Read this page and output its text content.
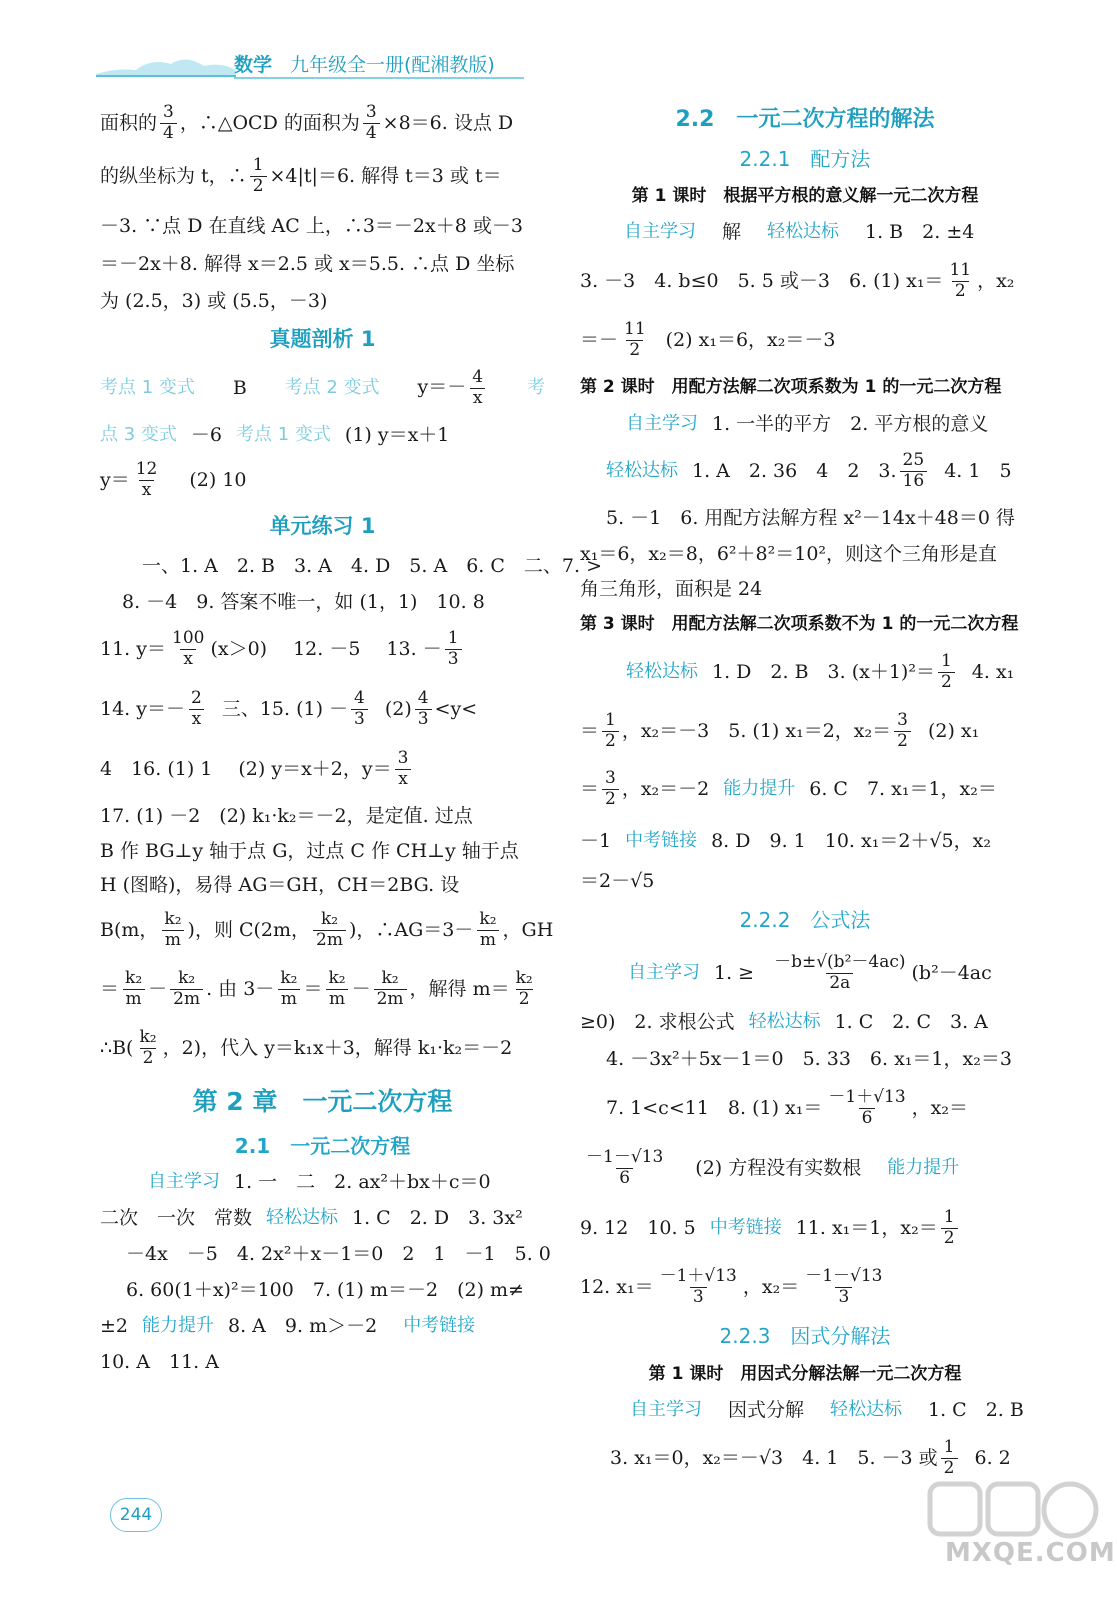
数学 九年级全一册(配湘教版)
面积的 $\frac{3}{4}$ ，∴△OCD 的面积为 $\frac{3}{4} \times 8=6$. 设点 D
的纵坐标为 t，∴ $\frac{1}{2} \times 4|t|=6$. 解得 t＝3 或 t＝
－3. ∵点 D 在直线 AC 上，∴3＝－2x＋8 或－3
＝－2x＋8. 解得 x＝2.5 或 x＝5.5. ∴点 D 坐标
为 (2.5，3) 或 (5.5，－3)
真题剖析 1
考点 1 变式 B 考点 2 变式 $y=- \frac{4}{x}$ 考
点 3 变式 －6 考点 1 变式 (1) y＝x＋1
$y= \frac{12}{x} (2)$ 10
单元练习 1
一、1. A　2. B　3. A　4. D　5. A　6. C　二、7. >
8. －4　9. 答案不唯一，如 (1，1)　10. 8
11. $y= \frac{100}{x} (x>0)$ 12. －5 13. － $\frac{1}{3}$
14. $y=- \frac{2}{x}$ 三、15. $(1) - \frac{4}{3} (2) \frac{4}{3} <y<$
4　16. (1) 1 (2) y＝x＋2，$y= \frac{3}{x}$
17. (1) －2　(2) k₁·k₂＝－2，是定值. 过点
B 作 BG⊥y 轴于点 G，过点 C 作 CH⊥y 轴于点
H (图略)，易得 AG＝GH，CH＝2BG. 设
B(m， $\frac{\text{k₂}}{m}$ )，则 C(2m， $\frac{\text{k₂}}{2m}$ )，∴AG＝3－ $\frac{\text{k₂}}{m}$ ，GH
＝ $\frac{\text{k₂}}{m} - \frac{\text{k₂}}{2m}$ . 由 $3- \frac{\text{k₂}}{m} = \frac{\text{k₂}}{m} - \frac{\text{k₂}}{2m}$ ，解得 $m= \frac{\text{k₂}}{2}$
∴B( $\frac{\text{k₂}}{2}$ ，2)，代入 y＝k₁x＋3，解得 k₁·k₂＝－2
第 2 章　一元二次方程
2.1　一元二次方程
自主学习 1. 一　二　2. ax²＋bx＋c＝0
二次　一次　常数 轻松达标 1. C　2. D　3. 3x²
－4x　－5　4. 2x²＋x－1＝0　2　1　－1　5. 0
6. 60(1＋x)²＝100　7. (1) m＝－2　(2) m≠
±2 能力提升 8. A　9. m＞－2 中考链接
10. A　11. A
2.2　一元二次方程的解法
2.2.1　配方法
第 1 课时　根据平方根的意义解一元二次方程
自主学习 解 轻松达标 1. B　2. ±4
3. －3　4. b≤0　5. 5 或－3　6. (1) $x_1= \frac{11}{2}$ ，x₂
＝－ $\frac{11}{2} (2)$ x₁＝6，x₂＝－3
第 2 课时　用配方法解二次项系数为 1 的一元二次方程
自主学习 1. 一半的平方　2. 平方根的意义
轻松达标 1. A　2. 36　4　2　3. $\frac{25}{16} 4$. 1　5
5. －1　6. 用配方法解方程 x²－14x＋48＝0 得
x₁＝6，x₂＝8，6²＋8²＝10²，则这个三角形是直
角三角形，面积是 24
第 3 课时　用配方法解二次项系数不为 1 的一元二次方程
轻松达标 1. D　2. B　3. $(x+1)^2= \frac{1}{2} 4$. x₁
＝ $\frac{1}{2}$ ，x₂＝－3　5. (1) x₁＝2，$x_2= \frac{3}{2} (2)$ x₁
＝ $\frac{3}{2}$ ，x₂＝－2 能力提升 6. C　7. x₁＝1，x₂＝
－1 中考链接 8. D　9. 1　10. x₁＝2＋√5，x₂
＝2－√5
2.2.2　公式法
自主学习 1. ≥ $\frac{\text{－b±√(b²－4ac)}}{2a} (b^2-4ac$
≥0)　2. 求根公式 轻松达标 1. C　2. C　3. A
4. －3x²＋5x－1＝0　5. 33　6. x₁＝1，x₂＝3
7. 1<c<11　8. (1) $x_1= \frac{-1+√13}{6}$ ，x₂＝
$\frac{-1-√13}{6} (2)$ 方程没有实数根 能力提升
9. 12　10. 5 中考链接 11. x₁＝1，$x_2= \frac{1}{2}$
12. $x_1= \frac{-1+√13}{3}$ ，$x_2= \frac{-1-√13}{3}$
2.2.3　因式分解法
第 1 课时　用因式分解法解一元二次方程
自主学习 因式分解 轻松达标 1. C　2. B
3. x₁＝0，x₂＝－√3　4. 1　5. －3 或 $\frac{1}{2} 6$. 2
244
MXQE.COM
